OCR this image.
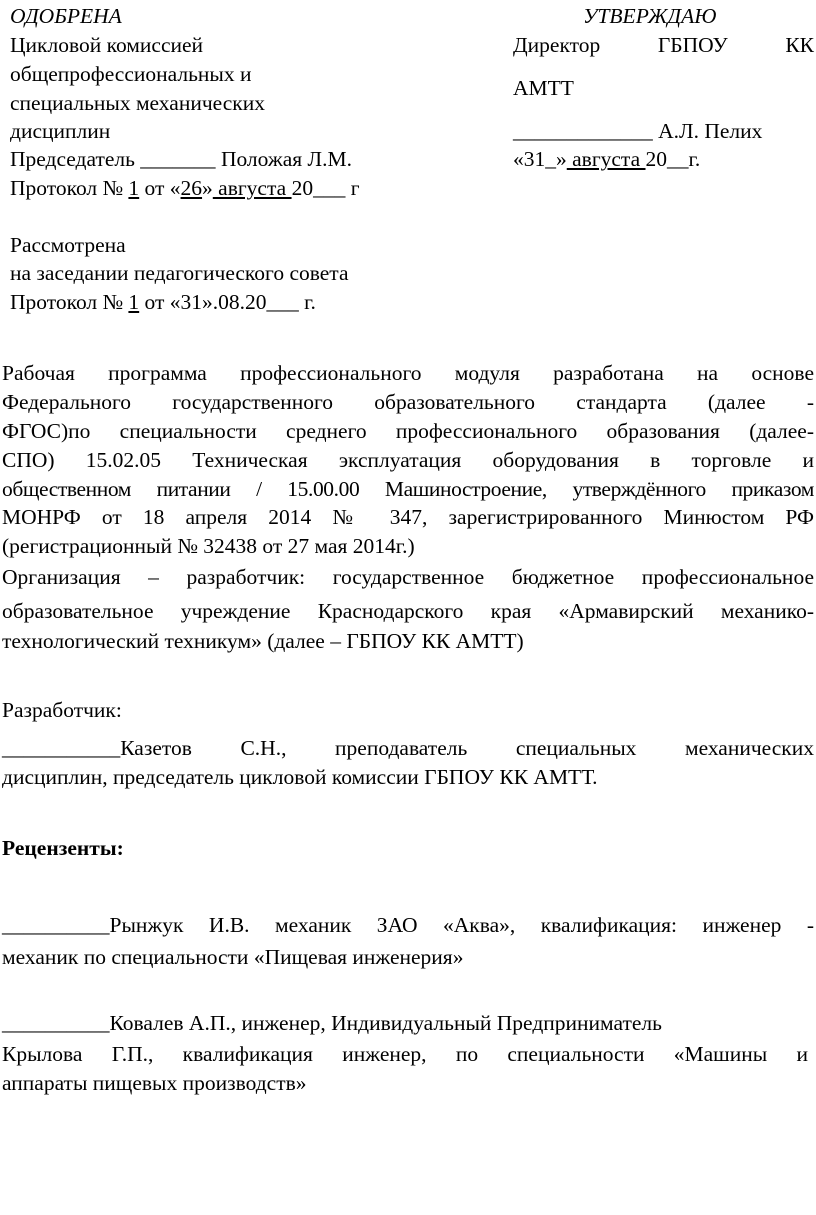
ОДОБРЕНА
Цикловой комиссией
общепрофессиональных и
специальных механических
дисциплин
Председатель _______ Положая Л.М.
Протокол № 1 от «26» августа 20___ г
УТВЕРЖДАЮ
Директор	ГБПОУ	КК
АМТТ
_____________ А.Л. Пелих
«31_» августа 20__г.
Рассмотрена
на заседании педагогического совета
Протокол № 1 от «31».08.20___ г.
Рабочая программа профессионального модуля разработана на основе
Федерального государственного образовательного стандарта (далее -
ФГОС)по специальности среднего профессионального образования (далее-
СПО) 15.02.05 Техническая эксплуатация оборудования в торговле и
общественном питании / 15.00.00 Машиностроение, утверждённого приказом
МОНРФ от 18 апреля 2014 № 347, зарегистрированного Минюстом РФ
(регистрационный № 32438 от 27 мая 2014г.)
Организация – разработчик: государственное бюджетное профессиональное
образовательное учреждение Краснодарского края «Армавирский механико-
технологический техникум» (далее – ГБПОУ КК АМТТ)
Разработчик:
___________Казетов С.Н., преподаватель специальных механических
дисциплин, председатель цикловой комиссии ГБПОУ КК АМТТ.
Рецензенты:
__________Рынжук И.В. механик ЗАО «Аква», квалификация: инженер -
механик по специальности «Пищевая инженерия»
__________Ковалев А.П., инженер, Индивидуальный Предприниматель
Крылова Г.П., квалификация инженер, по специальности «Машины и
аппараты пищевых производств»
